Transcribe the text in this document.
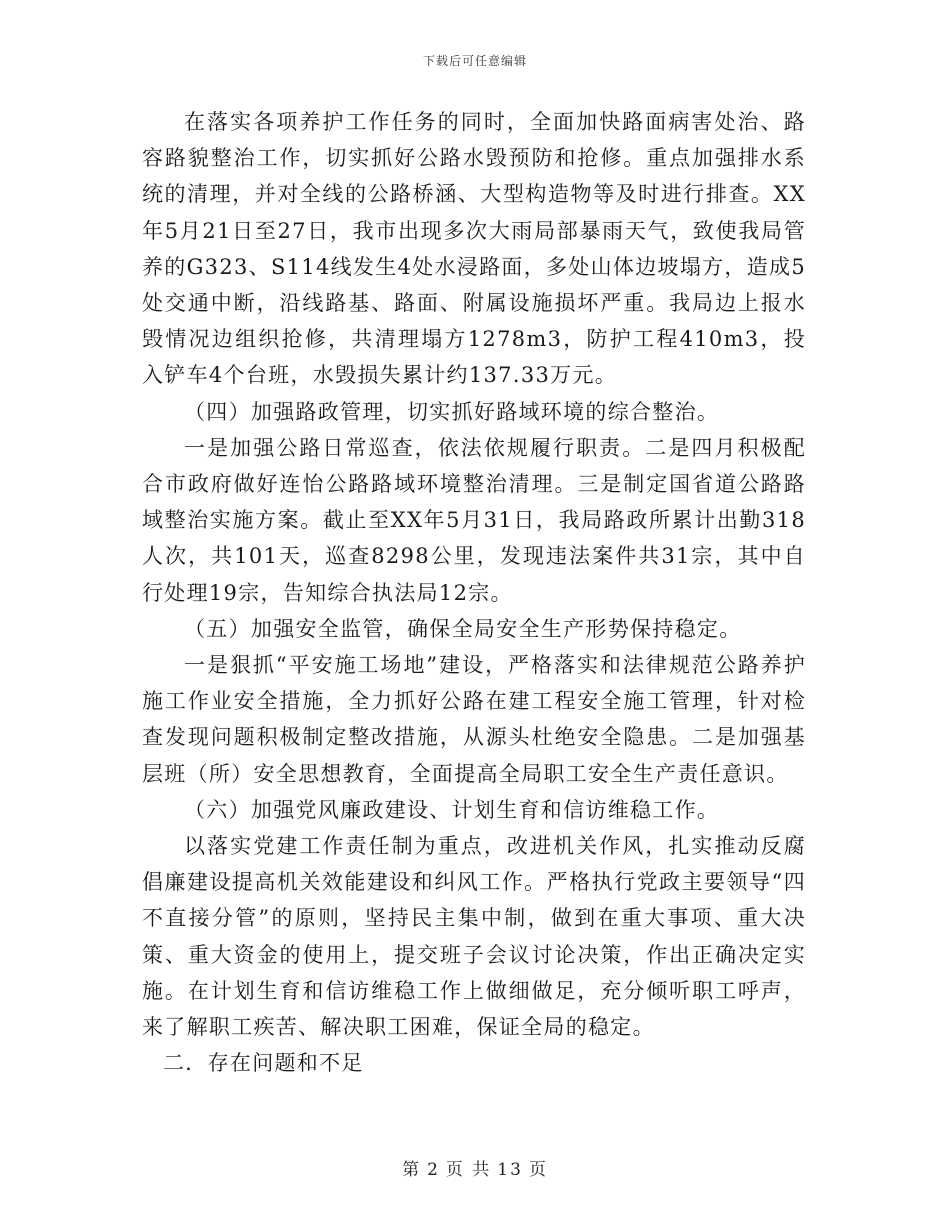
下载后可任意编辑

在落实各项养护工作任务的同时，全面加快路面病害处治、路容路貌整治工作，切实抓好公路水毁预防和抢修。重点加强排水系统的清理，并对全线的公路桥涵、大型构造物等及时进行排查。XX年5月21日至27日，我市出现多次大雨局部暴雨天气，致使我局管养的G323、S114线发生4处水浸路面，多处山体边坡塌方，造成5处交通中断，沿线路基、路面、附属设施损坏严重。我局边上报水毁情况边组织抢修，共清理塌方1278m3，防护工程410m3，投入铲车4个台班，水毁损失累计约137.33万元。

（四）加强路政管理，切实抓好路域环境的综合整治。

一是加强公路日常巡查，依法依规履行职责。二是四月积极配合市政府做好连怡公路路域环境整治清理。三是制定国省道公路路域整治实施方案。截止至XX年5月31日，我局路政所累计出勤318人次，共101天，巡查8298公里，发现违法案件共31宗，其中自行处理19宗，告知综合执法局12宗。

（五）加强安全监管，确保全局安全生产形势保持稳定。

一是狠抓“平安施工场地”建设，严格落实和法律规范公路养护施工作业安全措施，全力抓好公路在建工程安全施工管理，针对检查发现问题积极制定整改措施，从源头杜绝安全隐患。二是加强基层班（所）安全思想教育，全面提高全局职工安全生产责任意识。

（六）加强党风廉政建设、计划生育和信访维稳工作。

以落实党建工作责任制为重点，改进机关作风，扎实推动反腐倡廉建设提高机关效能建设和纠风工作。严格执行党政主要领导“四不直接分管”的原则，坚持民主集中制，做到在重大事项、重大决策、重大资金的使用上，提交班子会议讨论决策，作出正确决定实施。在计划生育和信访维稳工作上做细做足，充分倾听职工呼声，来了解职工疾苦、解决职工困难，保证全局的稳定。

二．存在问题和不足

第 2 页 共 13 页
